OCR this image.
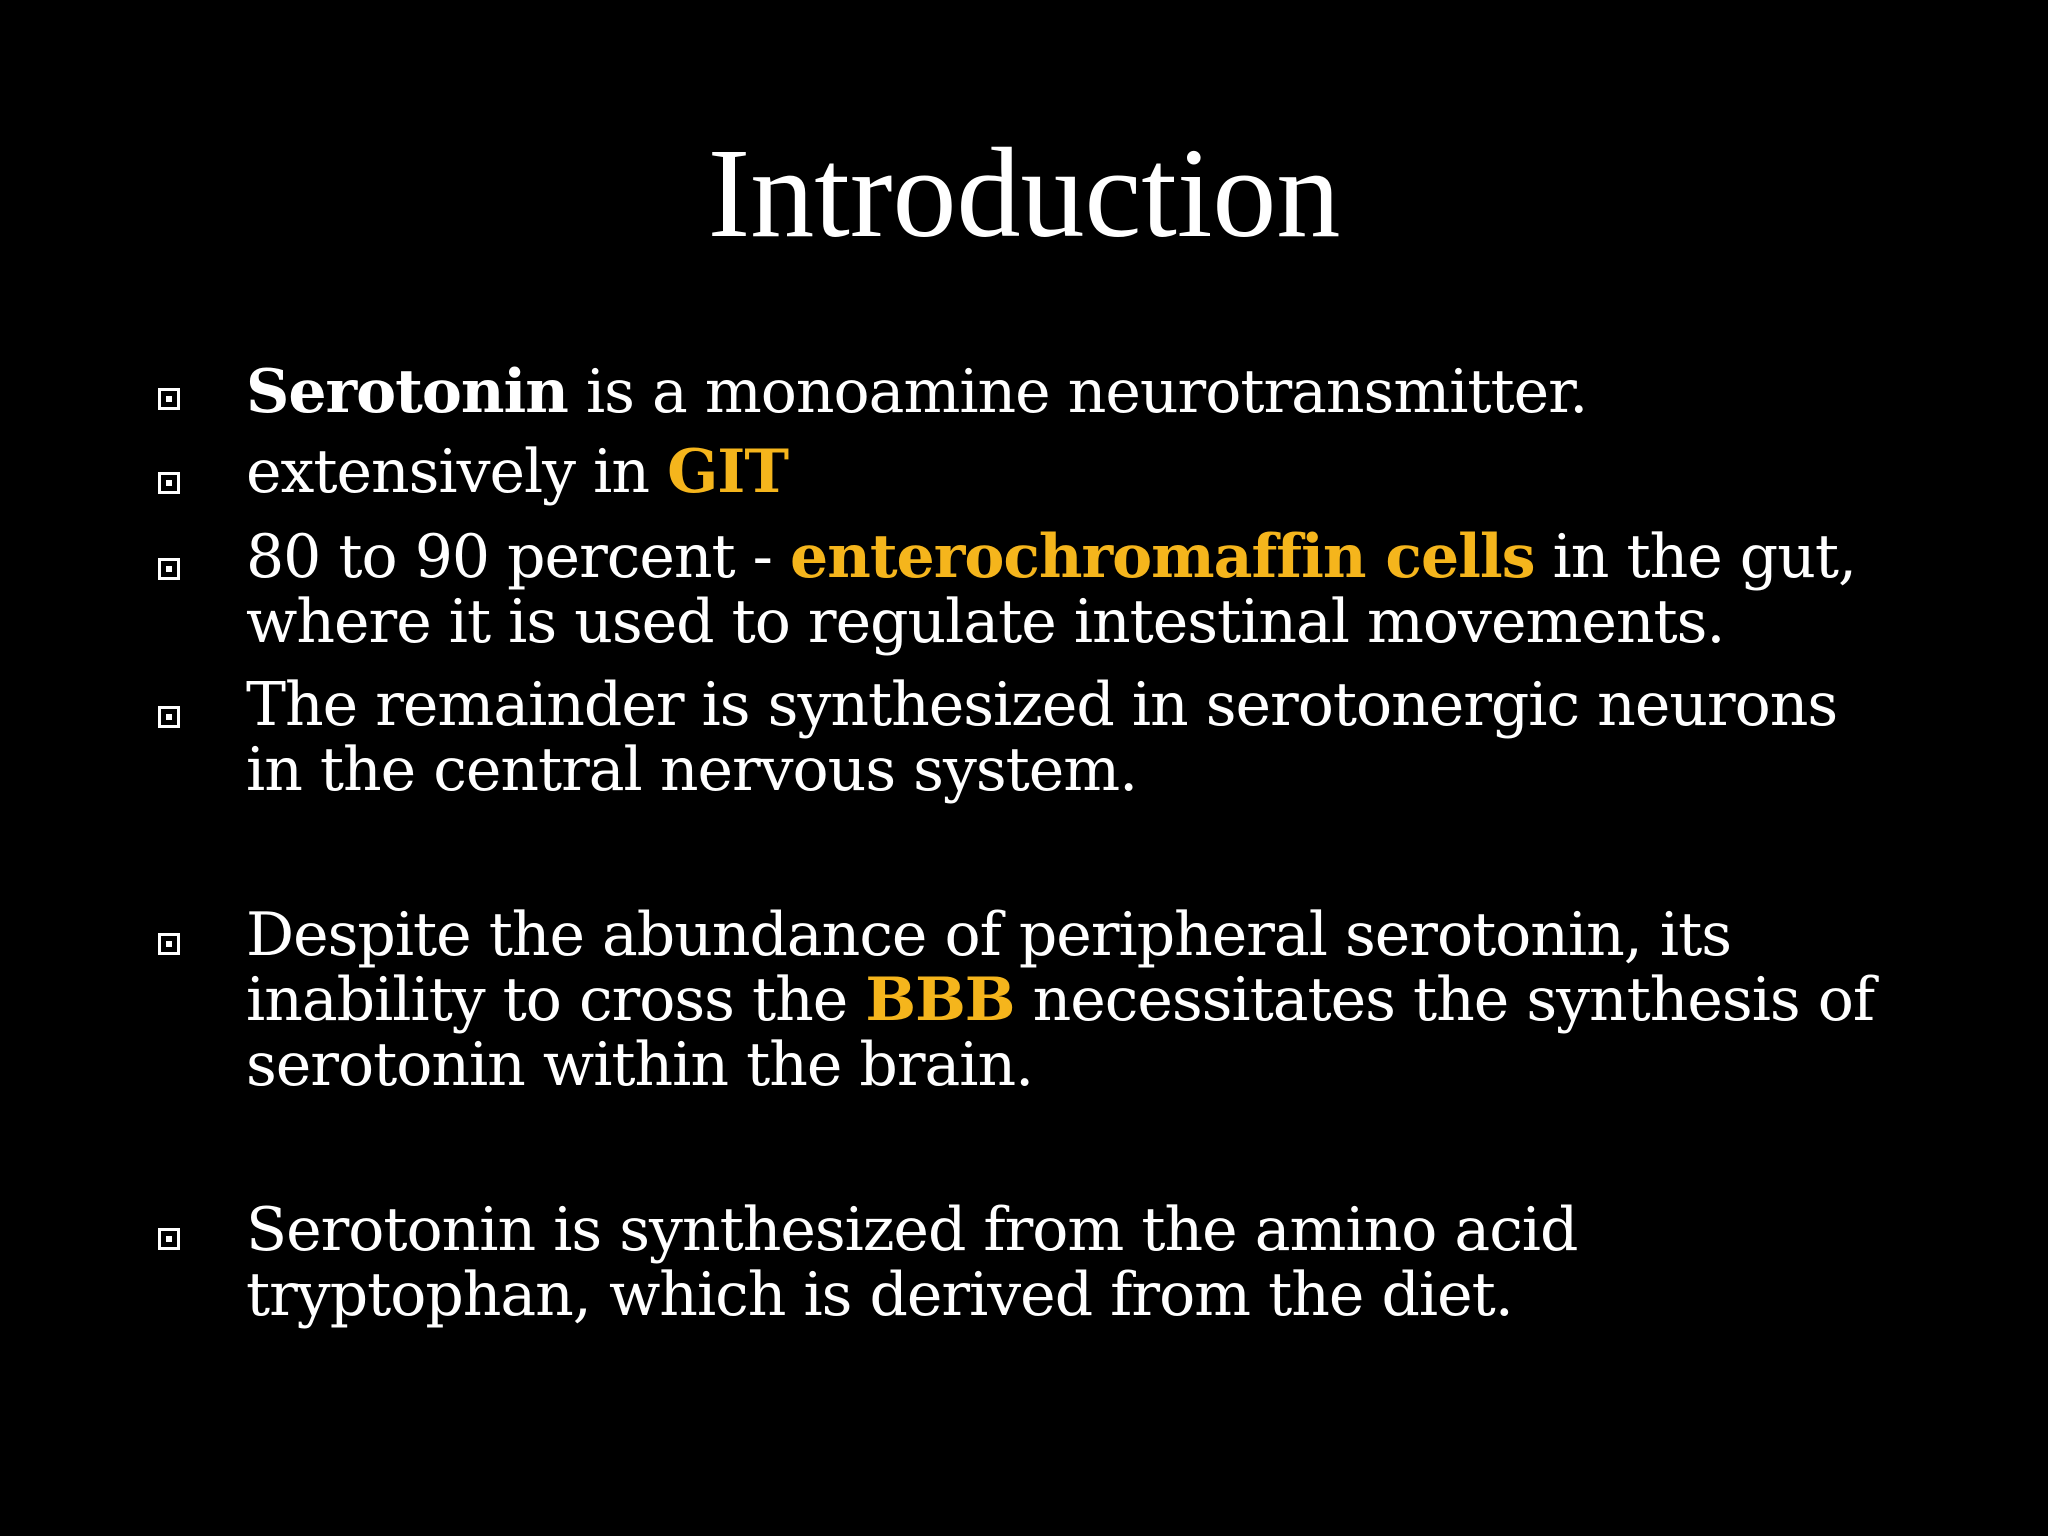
Introduction
Serotonin is a monoamine neurotransmitter.
extensively in GIT
80 to 90 percent - enterochromaffin cells in the gut,
where it is used to regulate intestinal movements.
The remainder is synthesized in serotonergic neurons
in the central nervous system.
Despite the abundance of peripheral serotonin, its
inability to cross the BBB necessitates the synthesis of
serotonin within the brain.
Serotonin is synthesized from the amino acid
tryptophan, which is derived from the diet.
